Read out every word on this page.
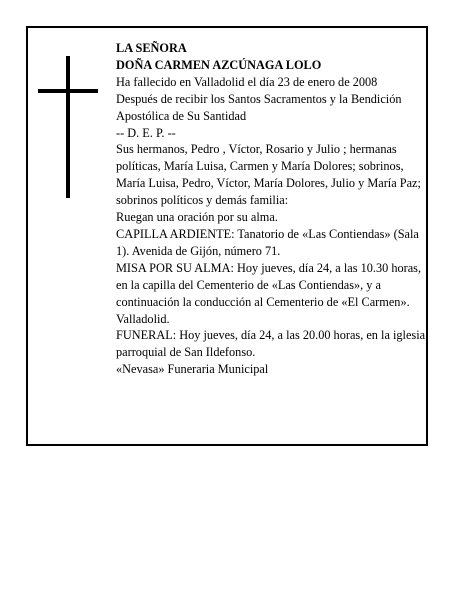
LA SEÑORA

DOÑA CARMEN AZCÚNAGA LOLO

Ha fallecido en Valladolid el día 23 de enero de 2008

Después de recibir los Santos Sacramentos y la Bendición Apostólica de Su Santidad

-- D. E. P. --

Sus hermanos, Pedro , Víctor, Rosario y Julio ; hermanas políticas, María Luisa, Carmen y María Dolores; sobrinos, María Luisa, Pedro, Víctor, María Dolores, Julio y María Paz; sobrinos políticos y demás familia:

Ruegan una oración por su alma.

CAPILLA ARDIENTE: Tanatorio de «Las Contiendas» (Sala 1). Avenida de Gijón, número 71.

MISA POR SU ALMA: Hoy jueves, día 24, a las 10.30 horas, en la capilla del Cementerio de «Las Contiendas», y a continuación la conducción al Cementerio de «El Carmen». Valladolid.

FUNERAL: Hoy jueves, día 24, a las 20.00 horas, en la iglesia parroquial de San Ildefonso.

«Nevasa» Funeraria Municipal
